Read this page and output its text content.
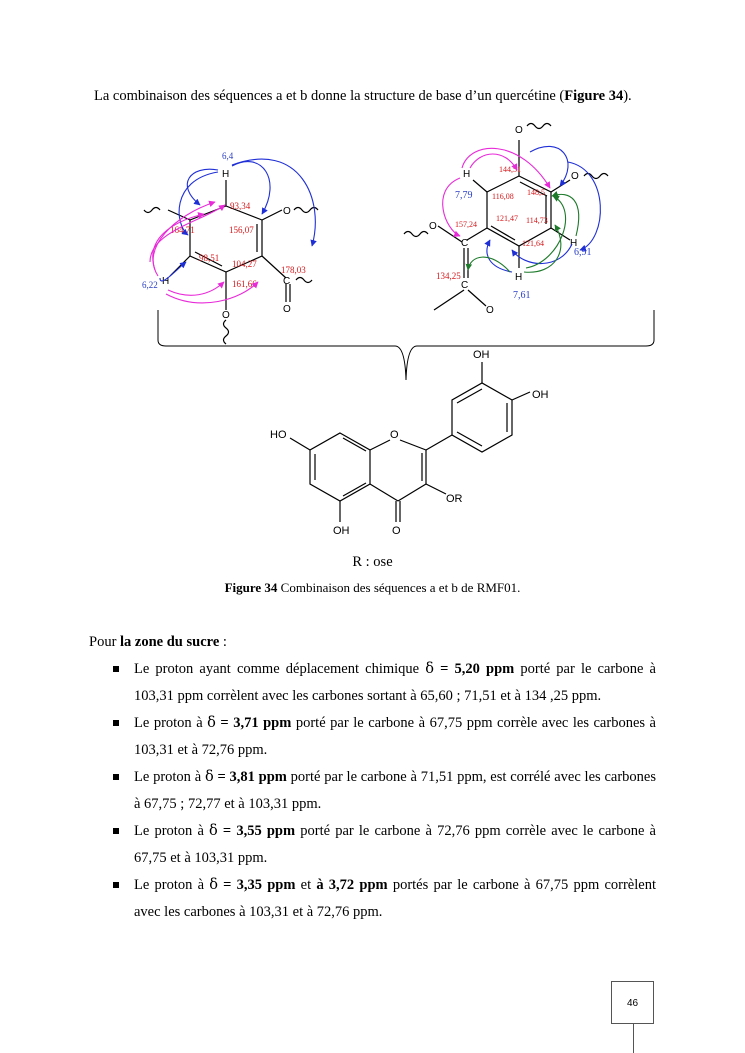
La combinaison des séquences a et b donne la structure de base d’un quercétine (Figure 34).
H
H
O
O
C
O
6,4
6,22
93,34
164,71	156,07
98,51
104,27
161,66
178,03
O
O
H
H
H
O
C
C
O
7,79
6,91
7,61
144,51
148,5
116,08
121,47 114,73
157,24
121,64
134,25
OH
OH
HO	O
OR
OH	O
R : ose
Figure 34 Combinaison des séquences a et b de RMF01.
Pour la zone du sucre :
Le proton ayant comme déplacement chimique δ = 5,20 ppm porté par le carbone à 103,31 ppm corrèlent avec les carbones sortant à 65,60 ; 71,51 et à 134 ,25 ppm.
Le proton à δ = 3,71 ppm porté par le carbone à 67,75 ppm corrèle avec les carbones à 103,31 et à 72,76 ppm.
Le proton à δ = 3,81 ppm porté par le carbone à 71,51 ppm, est corrélé avec les carbones à 67,75 ; 72,77 et à 103,31 ppm.
Le proton à δ = 3,55 ppm porté par le carbone à 72,76 ppm corrèle avec le carbone à 67,75 et à 103,31 ppm.
Le proton à δ = 3,35 ppm et à 3,72 ppm portés par le carbone à 67,75 ppm corrèlent avec les carbones à 103,31 et à 72,76 ppm.
46
